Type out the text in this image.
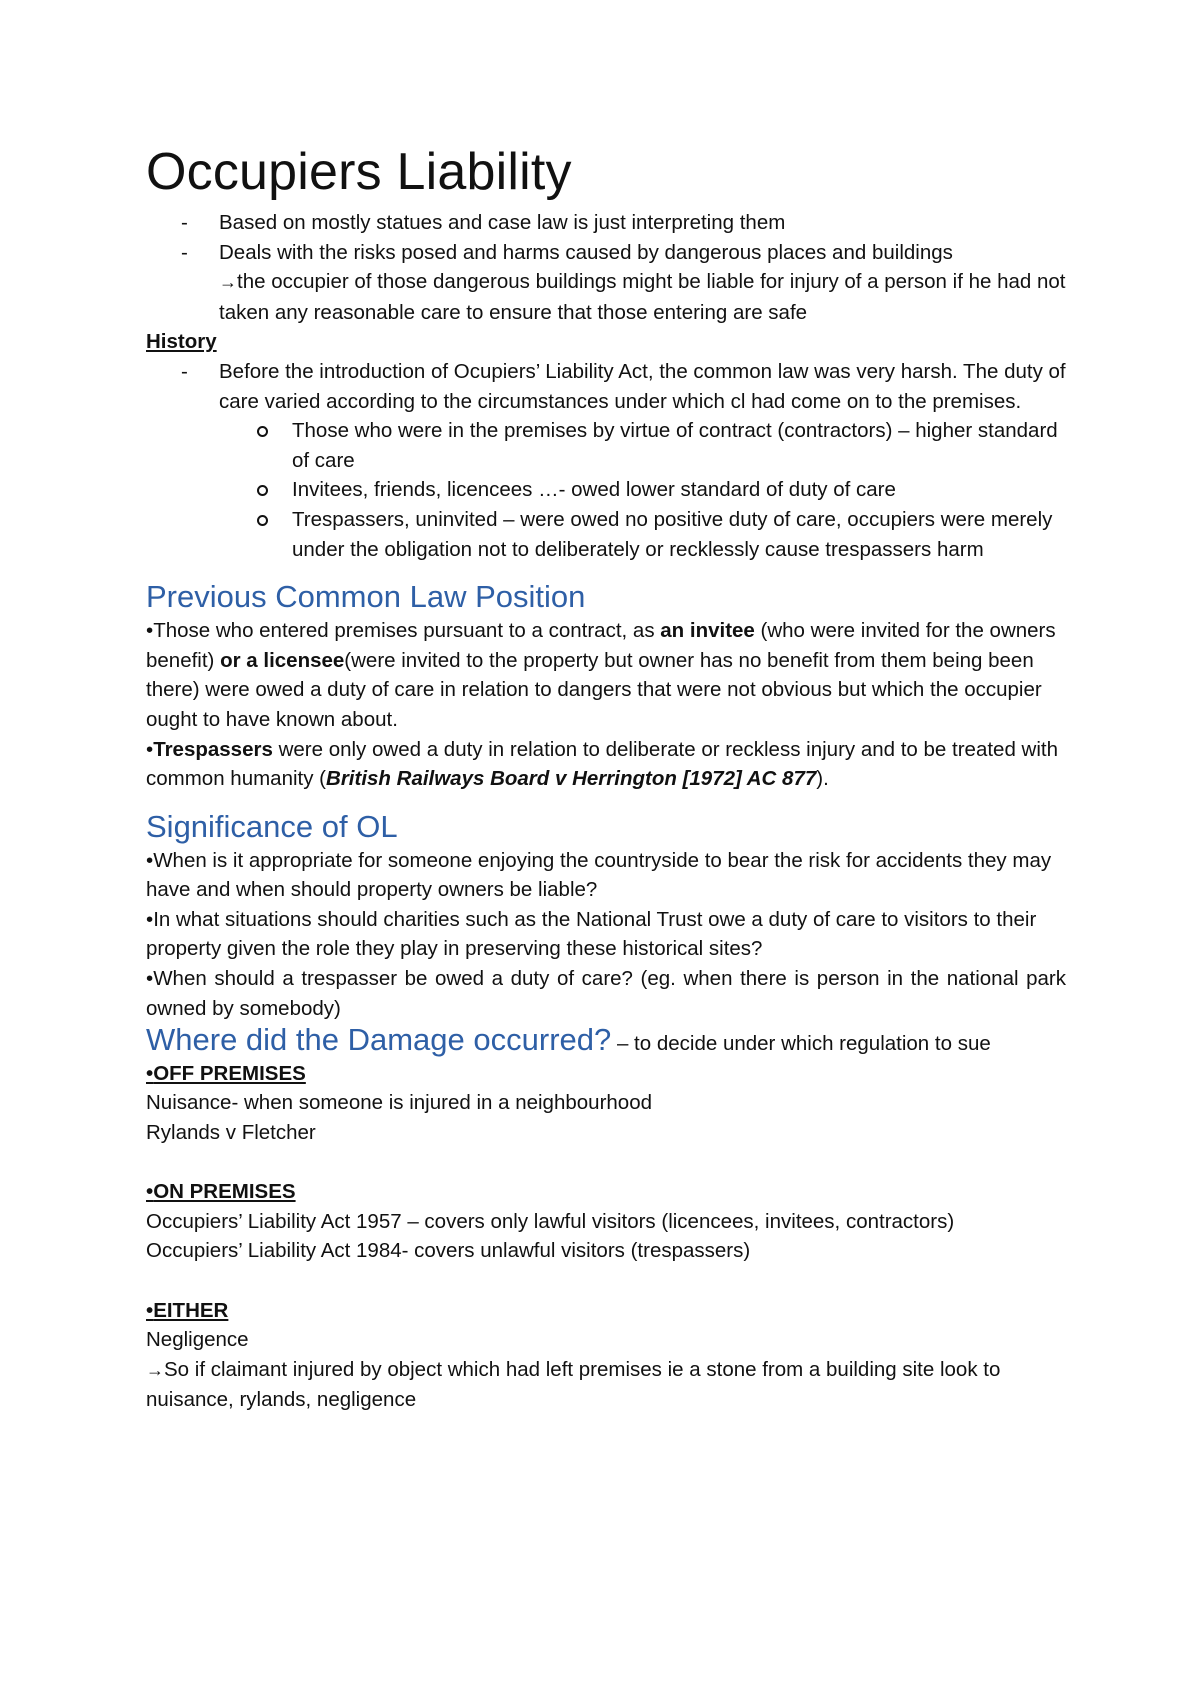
Occupiers Liability
- Based on mostly statues and case law is just interpreting them
- Deals with the risks posed and harms caused by dangerous places and buildings
→the occupier of those dangerous buildings might be liable for injury of a person if he had not taken any reasonable care to ensure that those entering are safe
History
- Before the introduction of Ocupiers’ Liability Act, the common law was very harsh. The duty of care varied according to the circumstances under which cl had come on to the premises.
Those who were in the premises by virtue of contract (contractors) – higher standard of care
Invitees, friends, licencees …- owed lower standard of duty of care
Trespassers, uninvited – were owed no positive duty of care, occupiers were merely under the obligation not to deliberately or recklessly cause trespassers harm
Previous Common Law Position

•Those who entered premises pursuant to a contract, as an invitee (who were invited for the owners benefit) or a licensee(were invited to the property but owner has no benefit from them being been there) were owed a duty of care in relation to dangers that were not obvious but which the occupier ought to have known about.

•Trespassers were only owed a duty in relation to deliberate or reckless injury and to be treated with common humanity (British Railways Board v Herrington [1972] AC 877).

Significance of OL

•When is it appropriate for someone enjoying the countryside to bear the risk for accidents they may have and when should property owners be liable?

•In what situations should charities such as the National Trust owe a duty of care to visitors to their property given the role they play in preserving these historical sites?

•When should a trespasser be owed a duty of care? (eg. when there is person in the national park owned by somebody)

Where did the Damage occurred? – to decide under which regulation to sue

•OFF PREMISES
Nuisance- when someone is injured in a neighbourhood
Rylands v Fletcher
•ON PREMISES
Occupiers’ Liability Act 1957 – covers only lawful visitors (licencees, invitees, contractors)
Occupiers’ Liability Act 1984- covers unlawful visitors (trespassers)
•EITHER
Negligence
→So if claimant injured by object which had left premises ie a stone from a building site look to nuisance, rylands, negligence
